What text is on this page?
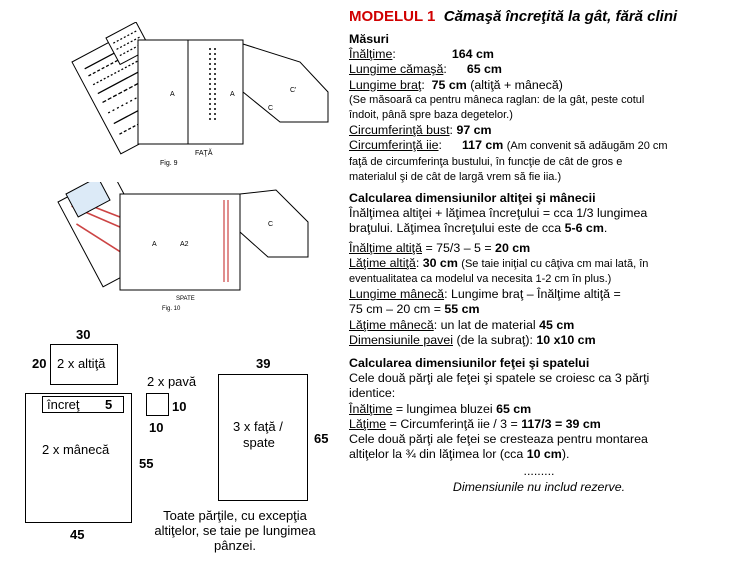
A	A
C'
C
FAŢĂ
Fig. 9
A	A2
C
SPATE
Fig. 10
30
20 2 x altiţă
încreţ 5
2 x mânecă
55
45
2 x pavă
10
10
39
3 x faţă /
spate	65
Toate părţile, cu excepţia
altiţelor, se taie pe lungimea
pânzei.
MODELUL 1 Cămaşă încreţită la gât, fără clini
Măsuri
Înălţime:	164 cm
Lungime cămaşă: 65 cm
Lungime braţ:  75 cm (altiţă + mânecă)
(Se măsoară ca pentru mâneca raglan: de la gât, peste cotul
îndoit, până spre baza degetelor.)
Circumferinţă bust: 97 cm
Circumferinţă iie: 117 cm (Am convenit să adăugăm 20 cm
faţă de circumferinţa bustului, în funcţie de cât de gros e
materialul şi de cât de largă vrem să fie iia.)
Calcularea dimensiunilor altiţei şi mânecii
Înălţimea altiţei + lăţimea încreţului = cca 1/3 lungimea
braţului. Lăţimea încreţului este de cca 5-6 cm.
Înălţime altiţă = 75/3 – 5 = 20 cm
Lăţime altiţă: 30 cm (Se taie iniţial cu câţiva cm mai lată, în
eventualitatea ca modelul va necesita 1-2 cm în plus.)
Lungime mânecă: Lungime braţ – Înălţime altiţă =
75 cm – 20 cm = 55 cm
Lăţime mânecă: un lat de material 45 cm
Dimensiunile pavei (de la subraţ): 10 x10 cm
Calcularea dimensiunilor feţei şi spatelui
Cele două părţi ale feţei şi spatele se croiesc ca 3 părţi
identice:
Înălţime = lungimea bluzei 65 cm
Lăţime = Circumferinţă iie / 3 = 117/3 = 39 cm
Cele două părţi ale feţei se cresteaza pentru montarea
altiţelor la ¾ din lăţimea lor (cca 10 cm).
.........
Dimensiunile nu includ rezerve.
